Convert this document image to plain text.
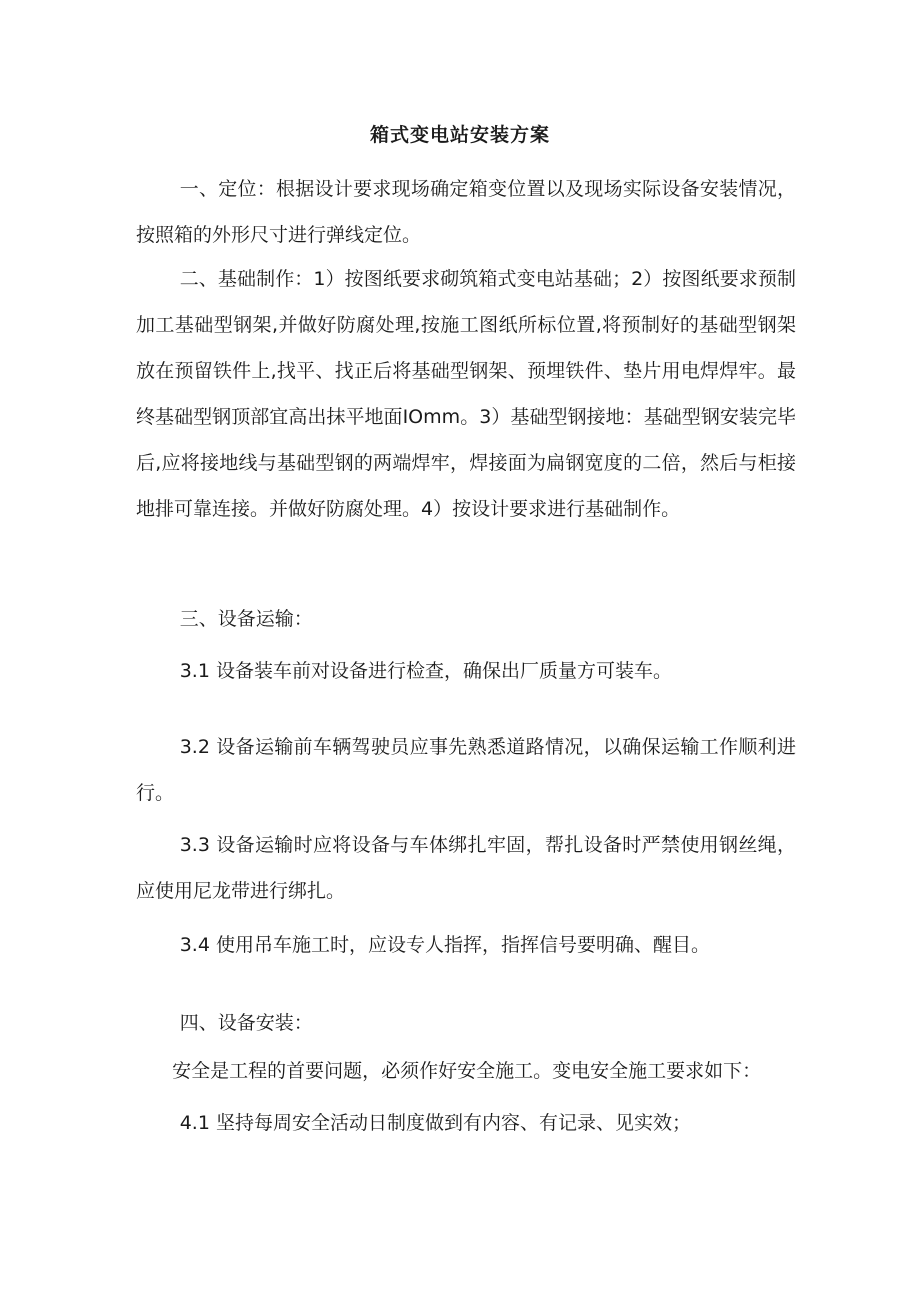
箱式变电站安装方案

一、定位：根据设计要求现场确定箱变位置以及现场实际设备安装情况，按照箱的外形尺寸进行弹线定位。

二、基础制作：1）按图纸要求砌筑箱式变电站基础；2）按图纸要求预制加工基础型钢架,并做好防腐处理,按施工图纸所标位置,将预制好的基础型钢架放在预留铁件上,找平、找正后将基础型钢架、预埋铁件、垫片用电焊焊牢。最终基础型钢顶部宜高出抹平地面IOmm。3）基础型钢接地：基础型钢安装完毕后,应将接地线与基础型钢的两端焊牢，焊接面为扁钢宽度的二倍，然后与柜接地排可靠连接。并做好防腐处理。4）按设计要求进行基础制作。

三、设备运输：

3.1 设备装车前对设备进行检查，确保出厂质量方可装车。

3.2 设备运输前车辆驾驶员应事先熟悉道路情况，以确保运输工作顺利进行。

3.3 设备运输时应将设备与车体绑扎牢固，帮扎设备时严禁使用钢丝绳，应使用尼龙带进行绑扎。

3.4 使用吊车施工时，应设专人指挥，指挥信号要明确、醒目。

四、设备安装：

安全是工程的首要问题，必须作好安全施工。变电安全施工要求如下：

4.1 坚持每周安全活动日制度做到有内容、有记录、见实效；
